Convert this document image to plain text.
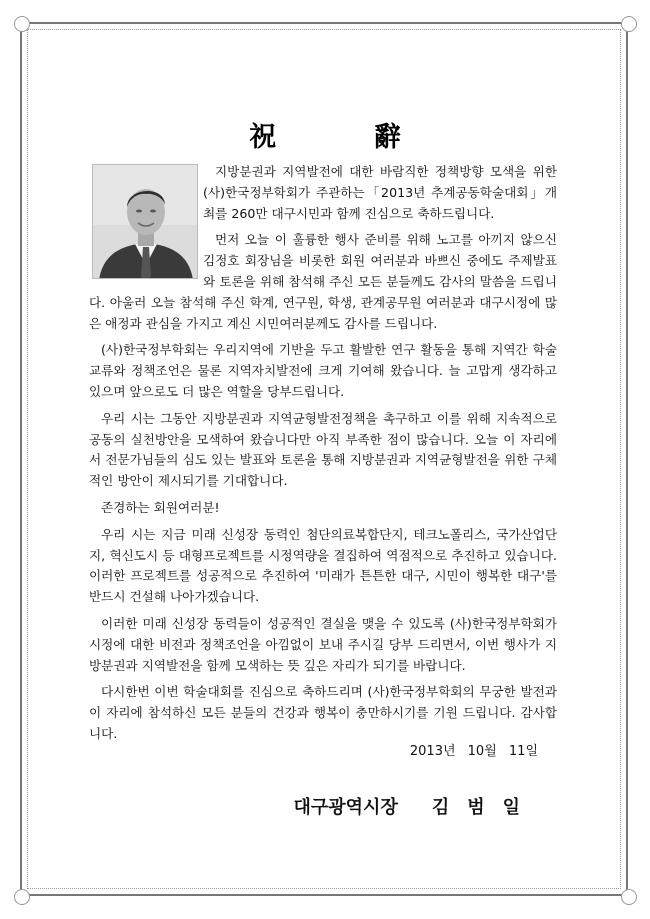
祝 辭

지방분권과 지역발전에 대한 바람직한 정책방향 모색을 위한 (사)한국정부학회가 주관하는「2013년 추계공동학술대회」개최를 260만 대구시민과 함께 진심으로 축하드립니다.

먼저 오늘 이 훌륭한 행사 준비를 위해 노고를 아끼지 않으신 김정호 회장님을 비롯한 회원 여러분과 바쁘신 중에도 주제발표와 토론을 위해 참석해 주신 모든 분들께도 감사의 말씀을 드립니다. 아울러 오늘 참석해 주신 학계, 연구원, 학생, 관계공무원 여러분과 대구시정에 많은 애정과 관심을 가지고 계신 시민여러분께도 감사를 드립니다.

(사)한국정부학회는 우리지역에 기반을 두고 활발한 연구 활동을 통해 지역간 학술교류와 정책조언은 물론 지역자치발전에 크게 기여해 왔습니다. 늘 고맙게 생각하고 있으며 앞으로도 더 많은 역할을 당부드립니다.

우리 시는 그동안 지방분권과 지역균형발전정책을 촉구하고 이를 위해 지속적으로 공동의 실천방안을 모색하여 왔습니다만 아직 부족한 점이 많습니다. 오늘 이 자리에서 전문가님들의 심도 있는 발표와 토론을 통해 지방분권과 지역균형발전을 위한 구체적인 방안이 제시되기를 기대합니다.

존경하는 회원여러분!

우리 시는 지금 미래 신성장 동력인 첨단의료복합단지, 테크노폴리스, 국가산업단지, 혁신도시 등 대형프로젝트를 시정역량을 결집하여 역점적으로 추진하고 있습니다. 이러한 프로젝트를 성공적으로 추진하여 '미래가 튼튼한 대구, 시민이 행복한 대구'를 반드시 건설해 나아가겠습니다.

이러한 미래 신성장 동력들이 성공적인 결실을 맺을 수 있도록 (사)한국정부학회가 시정에 대한 비전과 정책조언을 아낌없이 보내 주시길 당부 드리면서, 이번 행사가 지방분권과 지역발전을 함께 모색하는 뜻 깊은 자리가 되기를 바랍니다.

다시한번 이번 학술대회를 진심으로 축하드리며 (사)한국정부학회의 무궁한 발전과 이 자리에 참석하신 모든 분들의 건강과 행복이 충만하시기를 기원 드립니다. 감사합니다.

2013년 10월 11일
대구광역시장 김범일
